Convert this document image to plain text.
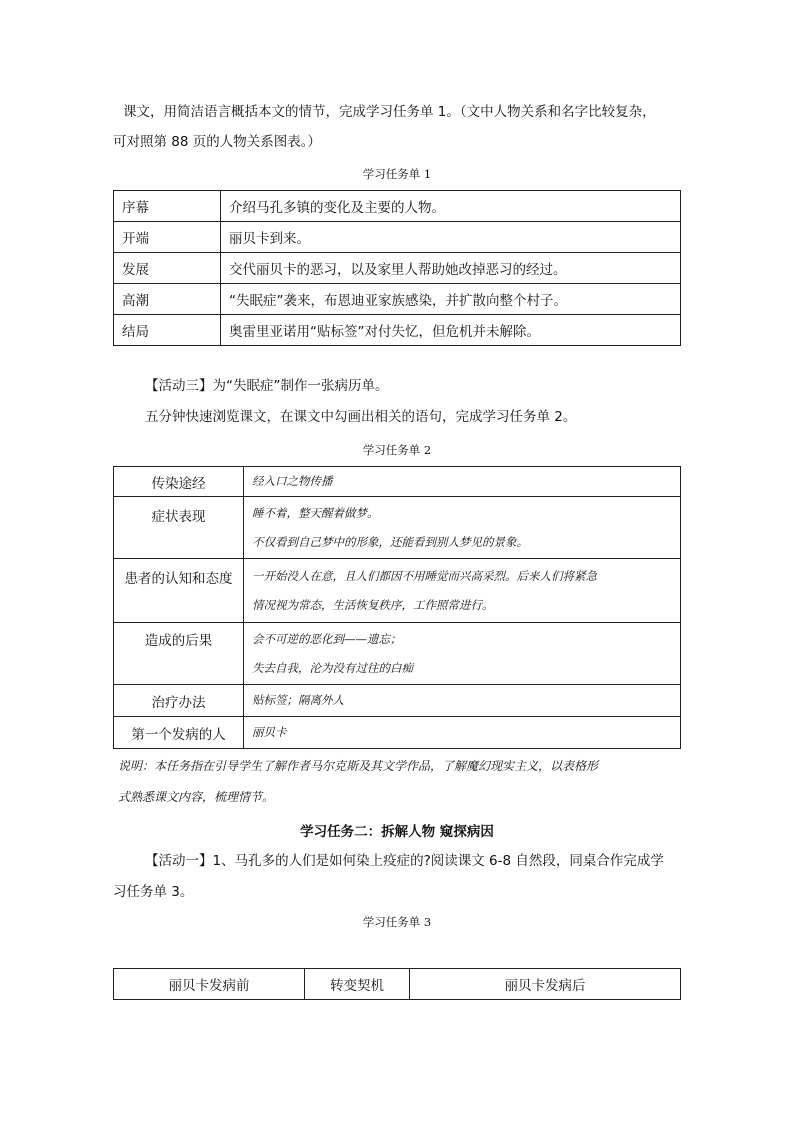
课文，用简洁语言概括本文的情节，完成学习任务单 1。（文中人物关系和名字比较复杂，
可对照第 88 页的人物关系图表。）
学习任务单 1
序幕	介绍马孔多镇的变化及主要的人物。
开端	丽贝卡到来。
发展	交代丽贝卡的恶习，以及家里人帮助她改掉恶习的经过。
高潮	“失眠症”袭来，布恩迪亚家族感染，并扩散向整个村子。
结局	奥雷里亚诺用“贴标签”对付失忆，但危机并未解除。
【活动三】为“失眠症”制作一张病历单。
五分钟快速浏览课文，在课文中勾画出相关的语句，完成学习任务单 2。
学习任务单 2
传染途经	经入口之物传播

症状表现	睡不着，整天醒着做梦。
不仅看到自己梦中的形象，还能看到别人梦见的景象。

患者的认知和态度	一开始没人在意，且人们都因不用睡觉而兴高采烈。后来人们将紧急
情况视为常态，生活恢复秩序，工作照常进行。

造成的后果	会不可逆的恶化到——遗忘；
失去自我，沦为没有过往的白痴

治疗办法	贴标签；隔离外人

第一个发病的人	丽贝卡
说明：本任务指在引导学生了解作者马尔克斯及其文学作品，了解魔幻现实主义，以表格形
式熟悉课文内容，梳理情节。
学习任务二：拆解人物 窥探病因
【活动一】1、马孔多的人们是如何染上疫症的?阅读课文 6-8 自然段，同桌合作完成学
习任务单 3。
学习任务单 3
丽贝卡发病前	转变契机	丽贝卡发病后
